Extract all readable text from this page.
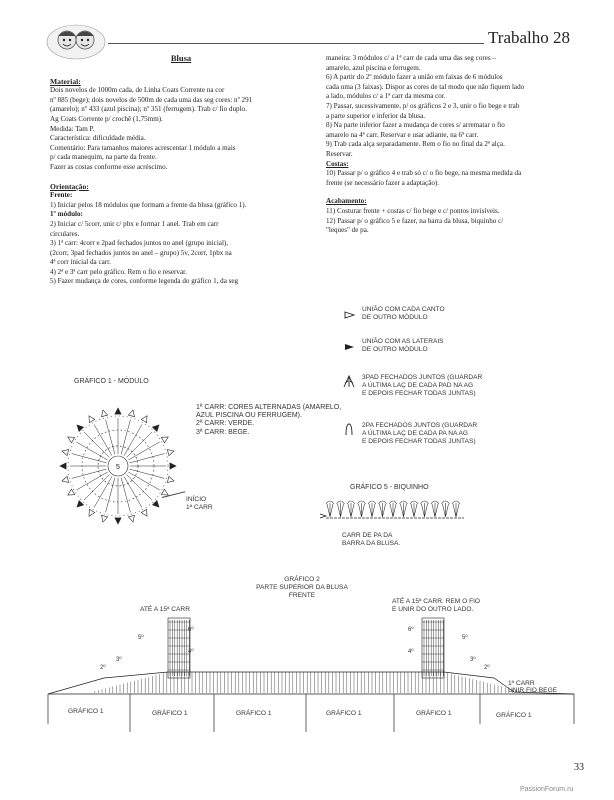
Trabalho 28

Blusa

Material:

Dois novelos de 1000m cada, de Linha Coats Corrente na cor

nº 885 (bege); dois novelos de 500m de cada uma das seg cores: nº 291

(amarelo); nº 433 (azul piscina); nº 351 (ferrugem). Trab c/ fio duplo.

Ag Coats Corrente p/ crochê (1,75mm).

Medida: Tam P.

Característica: dificuldade média.

Comentário: Para tamanhos maiores acrescentar 1 módulo a mais

p/ cada manequim, na parte da frente.

Fazer as costas conforme esse acréscimo.

Orientação:

Frente:

1) Iniciar pelos 18 módulos que formam a frente da blusa (gráfico 1).

1º módulo:

2) Iniciar c/ 5corr, unir c/ pbx e formar 1 anel. Trab em carr

circulares.

3) 1ª carr: 4corr e 2pad fechados juntos no anel (grupo inicial),

(2corr, 3pad fechados juntos no anel – grupo) 5v, 2corr, 1pbx na

4ª corr inicial da carr.

4) 2ª e 3ª carr pelo gráfico. Rem o fio e reservar.

5) Fazer mudança de cores, conforme legenda do gráfico 1, da seg

maneira: 3 módulos c/ a 1ª carr de cada uma das seg cores –

amarelo, azul piscina e ferrugem.

6) A partir do 2º módulo fazer a união em faixas de 6 módulos

cada uma (3 faixas). Dispor as cores de tal modo que não fiquem lado

a lado, módulos c/ a 1ª carr da mesma cor.

7) Passar, sucessivamente, p/ os gráficos 2 e 3, unir o fio bege e trab

a parte superior e inferior da blusa.

8) Na parte inferior fazer a mudança de cores s/ arrematar o fio

amarelo na 4ª carr. Reservar e usar adiante, na 6ª carr.

9) Trab cada alça separadamente. Rem o fio no final da 2ª alça.

Reservar.

Costas:

10) Passar p/ o gráfico 4 e trab só c/ o fio bege, na mesma medida da

frente (se necessário fazer a adaptação).

Acabamento:

11) Costurar frente + costas c/ fio bege e c/ pontos invisíveis.

12) Passar p/ o gráfico 5 e fazer, na barra da blusa, biquinho c/

"leques" de pa.

UNIÃO COM CADA CANTO
DE OUTRO MÓDULO
UNIÃO COM AS LATERAIS
DE OUTRO MÓDULO
3PAD FECHADOS JUNTOS (GUARDAR
A ÚLTIMA LAÇ DE CADA PAD NA AG
E DEPOIS FECHAR TODAS JUNTAS)
2PA FECHADOS JUNTOS (GUARDAR
A ÚLTIMA LAÇ DE CADA PA NA AG
E DEPOIS FECHAR TODAS JUNTAS)
GRÁFICO 1 - MÓDULO
5
1ª CARR: CORES ALTERNADAS (AMARELO,
AZUL PISCINA OU FERRUGEM).
2ª CARR: VERDE.
3ª CARR: BEGE.
INÍCIO
1ª CARR
GRÁFICO 5 - BIQUINHO
CARR DE PA DA
BARRA DA BLUSA.
GRÁFICO 2
PARTE SUPERIOR DA BLUSA
FRENTE
ATÉ A 15ª CARR
ATÉ A 15ª CARR. REM O FIO
E UNIR DO OUTRO LADO.
6º
5º
4º
3º
2º
6º
5º
4º
3º
2º
1ª CARR
UNIR FIO BEGE
GRÁFICO 1	GRÁFICO 1	GRÁFICO 1	GRÁFICO 1	GRÁFICO 1	GRÁFICO 1
33
PassionForum.ru
